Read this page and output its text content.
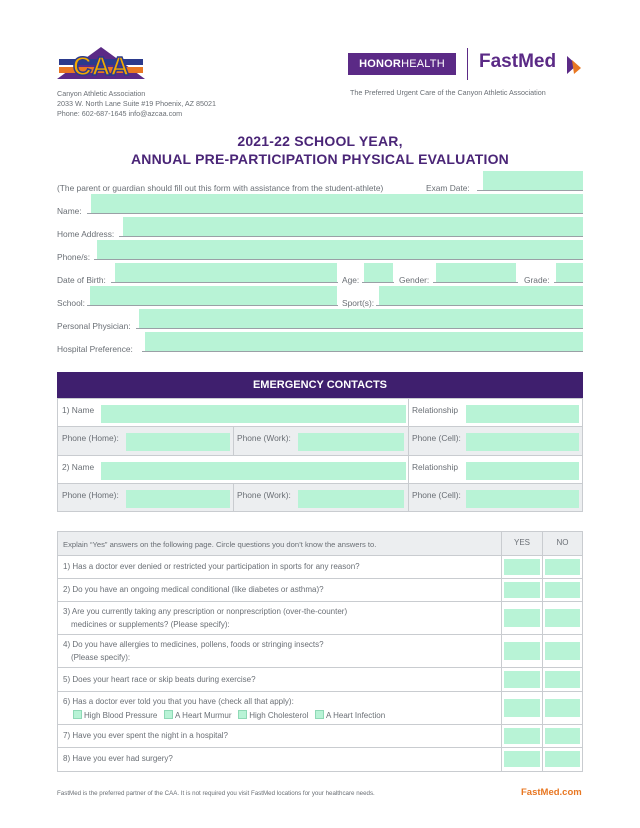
CAA
Canyon Athletic Association
2033 W. North Lane Suite #19 Phoenix, AZ 85021
Phone: 602-687-1645 info@azcaa.com
HONOR HEALTH FastMed
The Preferred Urgent Care of the Canyon Athletic Association
2021-22 SCHOOL YEAR,
ANNUAL PRE-PARTICIPATION PHYSICAL EVALUATION
(The parent or guardian should fill out this form with assistance from the student-athlete)	Exam Date:
Name:
Home Address:
Phone/s:
Date of Birth:	Age:	Gender:	Grade:
School:	Sport(s):
Personal Physician:
Hospital Preference:
EMERGENCY CONTACTS
1) Name	Relationship
Phone (Home):	Phone (Work):	Phone (Cell):
2) Name	Relationship
Phone (Home):	Phone (Work):	Phone (Cell):
Explain “Yes” answers on the following page. Circle questions you don’t know the answers to.	YES	NO
1) Has a doctor ever denied or restricted your participation in sports for any reason?
2) Do you have an ongoing medical conditional (like diabetes or asthma)?
3) Are you currently taking any prescription or nonprescription (over-the-counter)
medicines or supplements? (Please specify):
4) Do you have allergies to medicines, pollens, foods or stringing insects?
(Please specify):
5) Does your heart race or skip beats during exercise?
6) Has a doctor ever told you that you have (check all that apply):
High Blood Pressure A Heart Murmur High Cholesterol A Heart Infection
7) Have you ever spent the night in a hospital?
8) Have you ever had surgery?
FastMed is the preferred partner of the CAA. It is not required you visit FastMed locations for your healthcare needs.	FastMed.com
